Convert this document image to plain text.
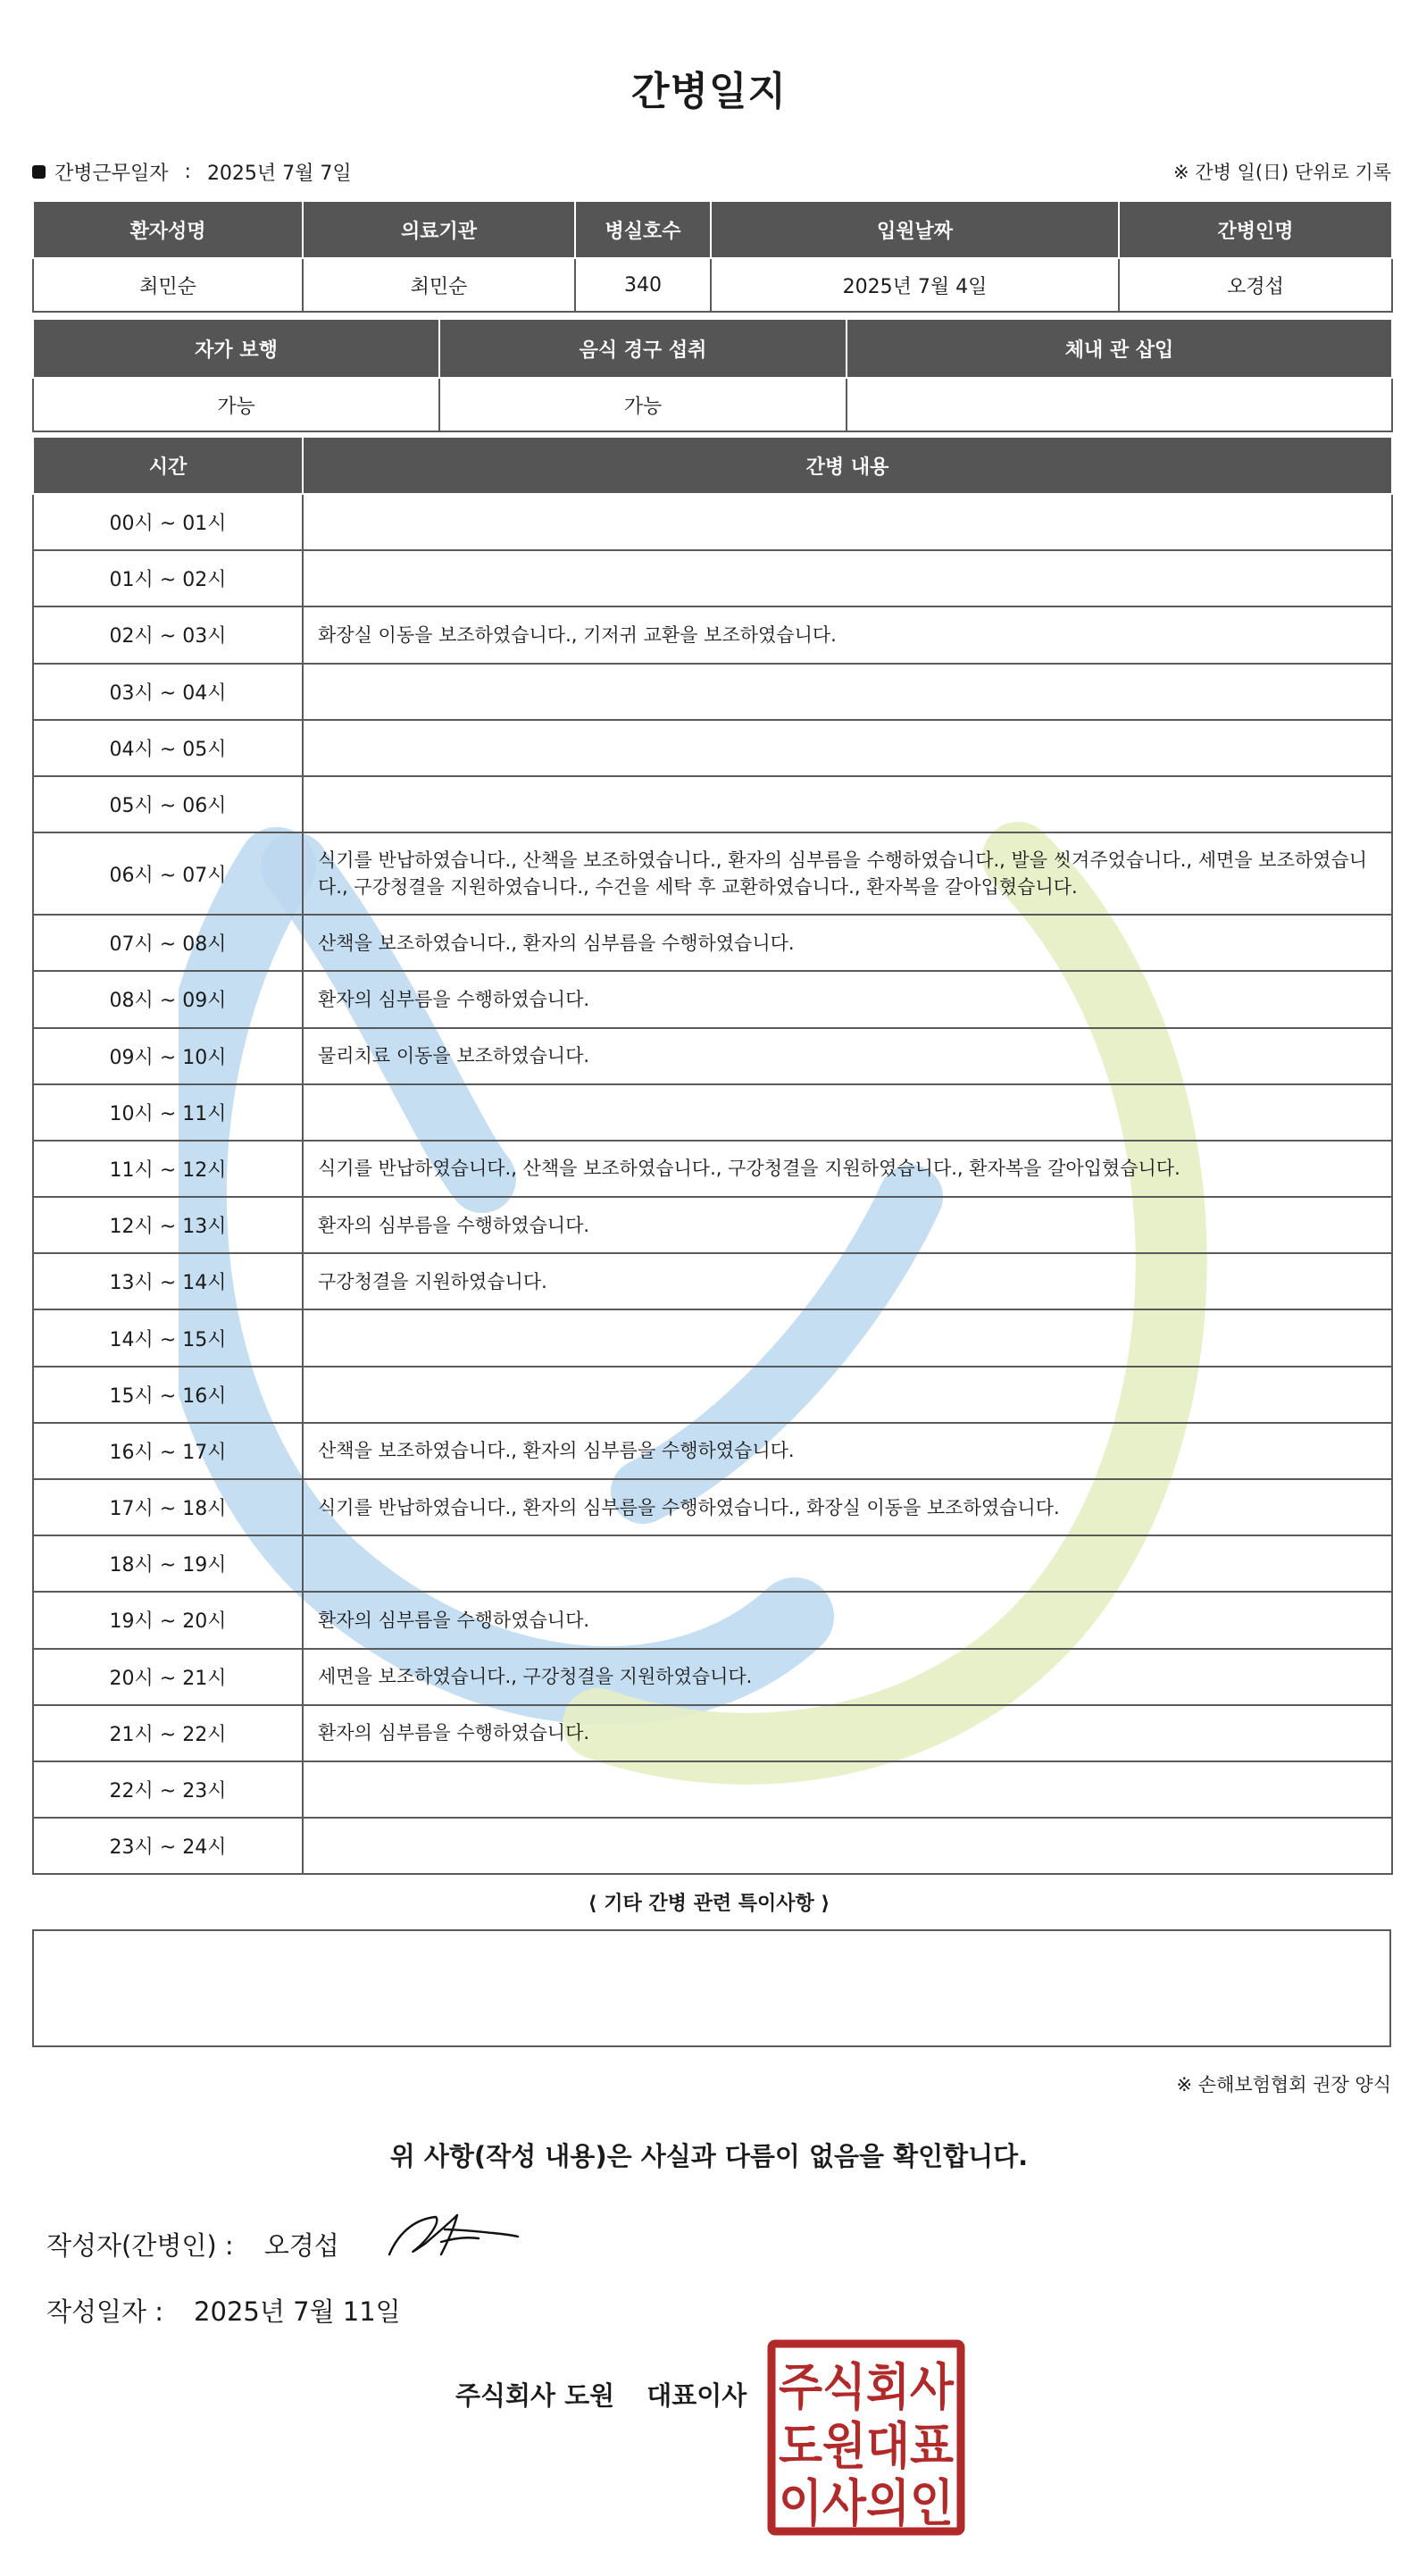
간병일지
간병근무일자 : 2025년 7월 7일	※ 간병 일(日) 단위로 기록
환자성명	의료기관	병실호수	입원날짜	간병인명
최민순	최민순	340	2025년 7월 4일	오경섭
자가 보행	음식 경구 섭취	체내 관 삽입
가능	가능	
시간	간병 내용
00시 ~ 01시	
01시 ~ 02시	
02시 ~ 03시	화장실 이동을 보조하였습니다., 기저귀 교환을 보조하였습니다.
03시 ~ 04시	
04시 ~ 05시	
05시 ~ 06시	
06시 ~ 07시	식기를 반납하였습니다., 산책을 보조하였습니다., 환자의 심부름을 수행하였습니다., 발을 씻겨주었습니다., 세면을 보조하였습니다., 구강청결을 지원하였습니다., 수건을 세탁 후 교환하였습니다., 환자복을 갈아입혔습니다.
07시 ~ 08시	산책을 보조하였습니다., 환자의 심부름을 수행하였습니다.
08시 ~ 09시	환자의 심부름을 수행하였습니다.
09시 ~ 10시	물리치료 이동을 보조하였습니다.
10시 ~ 11시	
11시 ~ 12시	식기를 반납하였습니다., 산책을 보조하였습니다., 구강청결을 지원하였습니다., 환자복을 갈아입혔습니다.
12시 ~ 13시	환자의 심부름을 수행하였습니다.
13시 ~ 14시	구강청결을 지원하였습니다.
14시 ~ 15시	
15시 ~ 16시	
16시 ~ 17시	산책을 보조하였습니다., 환자의 심부름을 수행하였습니다.
17시 ~ 18시	식기를 반납하였습니다., 환자의 심부름을 수행하였습니다., 화장실 이동을 보조하였습니다.
18시 ~ 19시	
19시 ~ 20시	환자의 심부름을 수행하였습니다.
20시 ~ 21시	세면을 보조하였습니다., 구강청결을 지원하였습니다.
21시 ~ 22시	환자의 심부름을 수행하였습니다.
22시 ~ 23시	
23시 ~ 24시	
⟨ 기타 간병 관련 특이사항 ⟩
※ 손해보험협회 권장 양식
위 사항(작성 내용)은 사실과 다름이 없음을 확인합니다.
작성자(간병인) : 오경섭
작성일자 : 2025년 7월 11일
주식회사 도원 대표이사 주식회사
도원대표
이사의인
